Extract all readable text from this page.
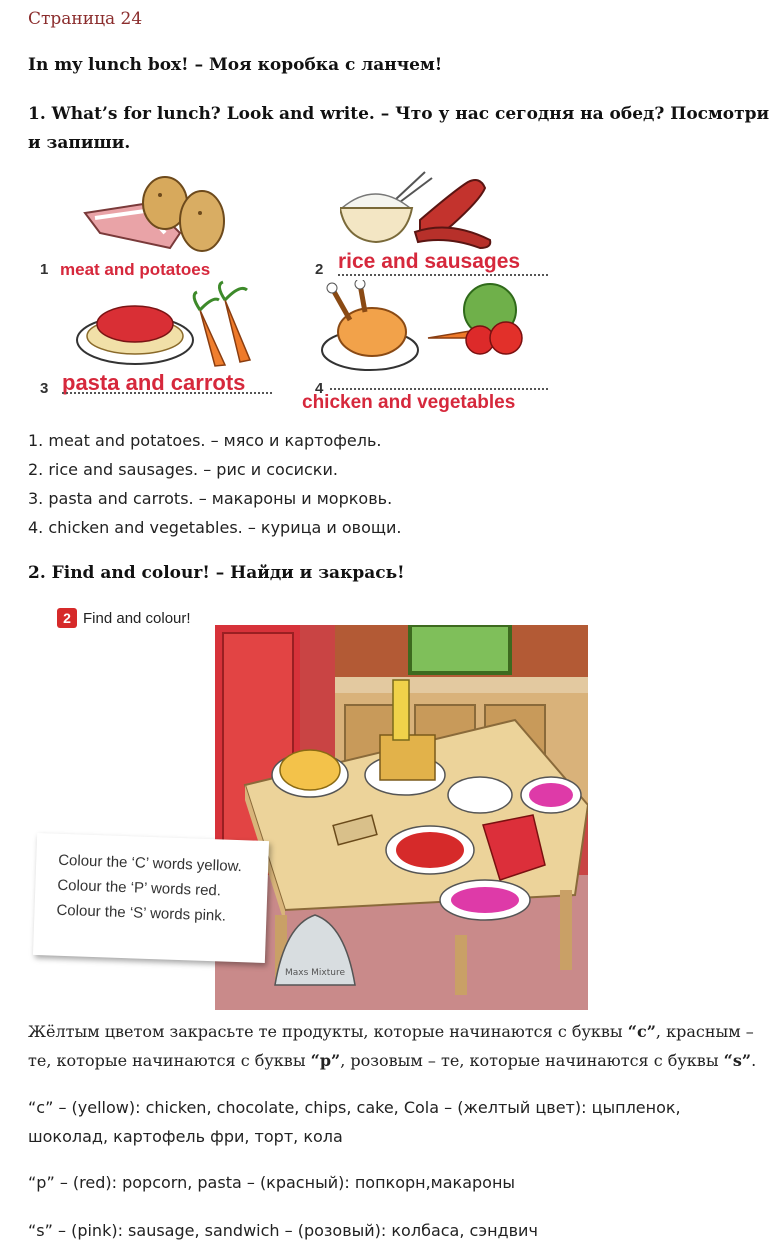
Страница 24
In my lunch box! – Моя коробка с ланчем!
1. What’s for lunch? Look and write. – Что у нас сегодня на обед? Посмотри
и запиши.
1 meat and potatoes	2 rice and sausages
3 pasta and carrots	4
chicken and vegetables
1. meat and potatoes. – мясо и картофель.
2. rice and sausages. – рис и сосиски.
3. pasta and carrots. – макароны и морковь.
4. chicken and vegetables. – курица и овощи.
2. Find and colour! – Найди и закрась!
2 Find and colour!
Maxs Mixture
Colour the ‘C’ words yellow.
Colour the ‘P’ words red.
Colour the ‘S’ words pink.
Жёлтым цветом закрасьте те продукты, которые начинаются с буквы “c”, красным – те, которые начинаются с буквы “p”, розовым – те, которые начинаются с буквы “s”.
“c” – (yellow): chicken, chocolate, chips, cake, Cola – (желтый цвет): цыпленок,
шоколад, картофель фри, торт, кола
“p” – (red): popcorn, pasta – (красный): попкорн,макароны
“s” – (pink): sausage, sandwich – (розовый): колбаса, сэндвич
